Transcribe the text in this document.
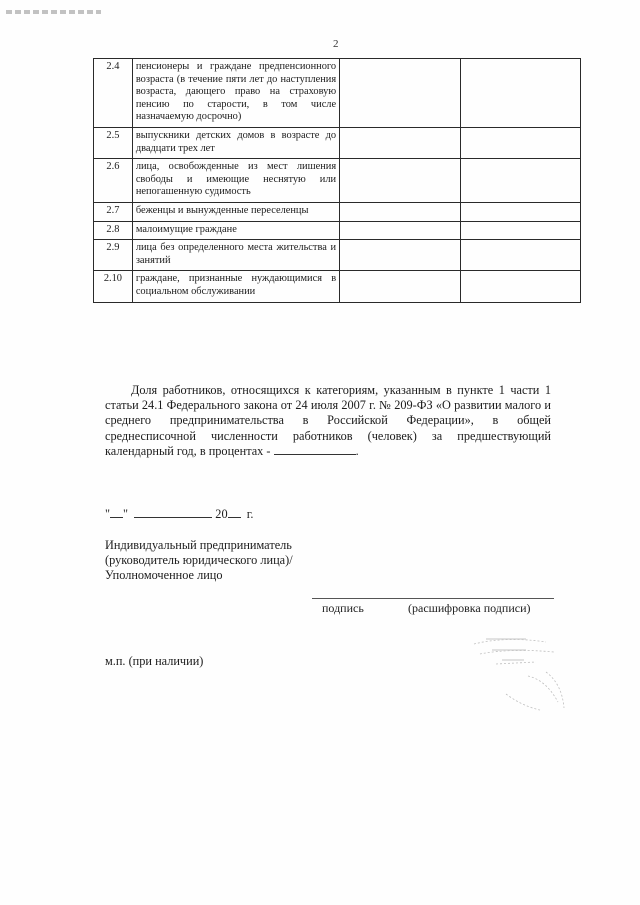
2
2.4	пенсионеры и граждане предпенсионного возраста (в течение пяти лет до наступления возраста, дающего право на страховую пенсию по старости, в том числе назначаемую досрочно)		
2.5	выпускники детских домов в возрасте до двадцати трех лет		
2.6	лица, освобожденные из мест лишения свободы и имеющие неснятую или непогашенную судимость		
2.7	беженцы и вынужденные переселенцы		
2.8	малоимущие граждане		
2.9	лица без определенного места жительства и занятий		
2.10	граждане, признанные нуждающимися в социальном обслуживании		
Доля работников, относящихся к категориям, указанным в пункте 1 части 1 статьи 24.1 Федерального закона от 24 июля 2007 г. № 209-ФЗ «О развитии малого и среднего предпринимательства в Российской Федерации», в общей среднесписочной численности работников (человек) за предшествующий календарный год, в процентах -	.
" "	20 г.
Индивидуальный предприниматель (руководитель юридического лица)/Уполномоченное лицо
подпись	(расшифровка подписи)
м.п. (при наличии)
